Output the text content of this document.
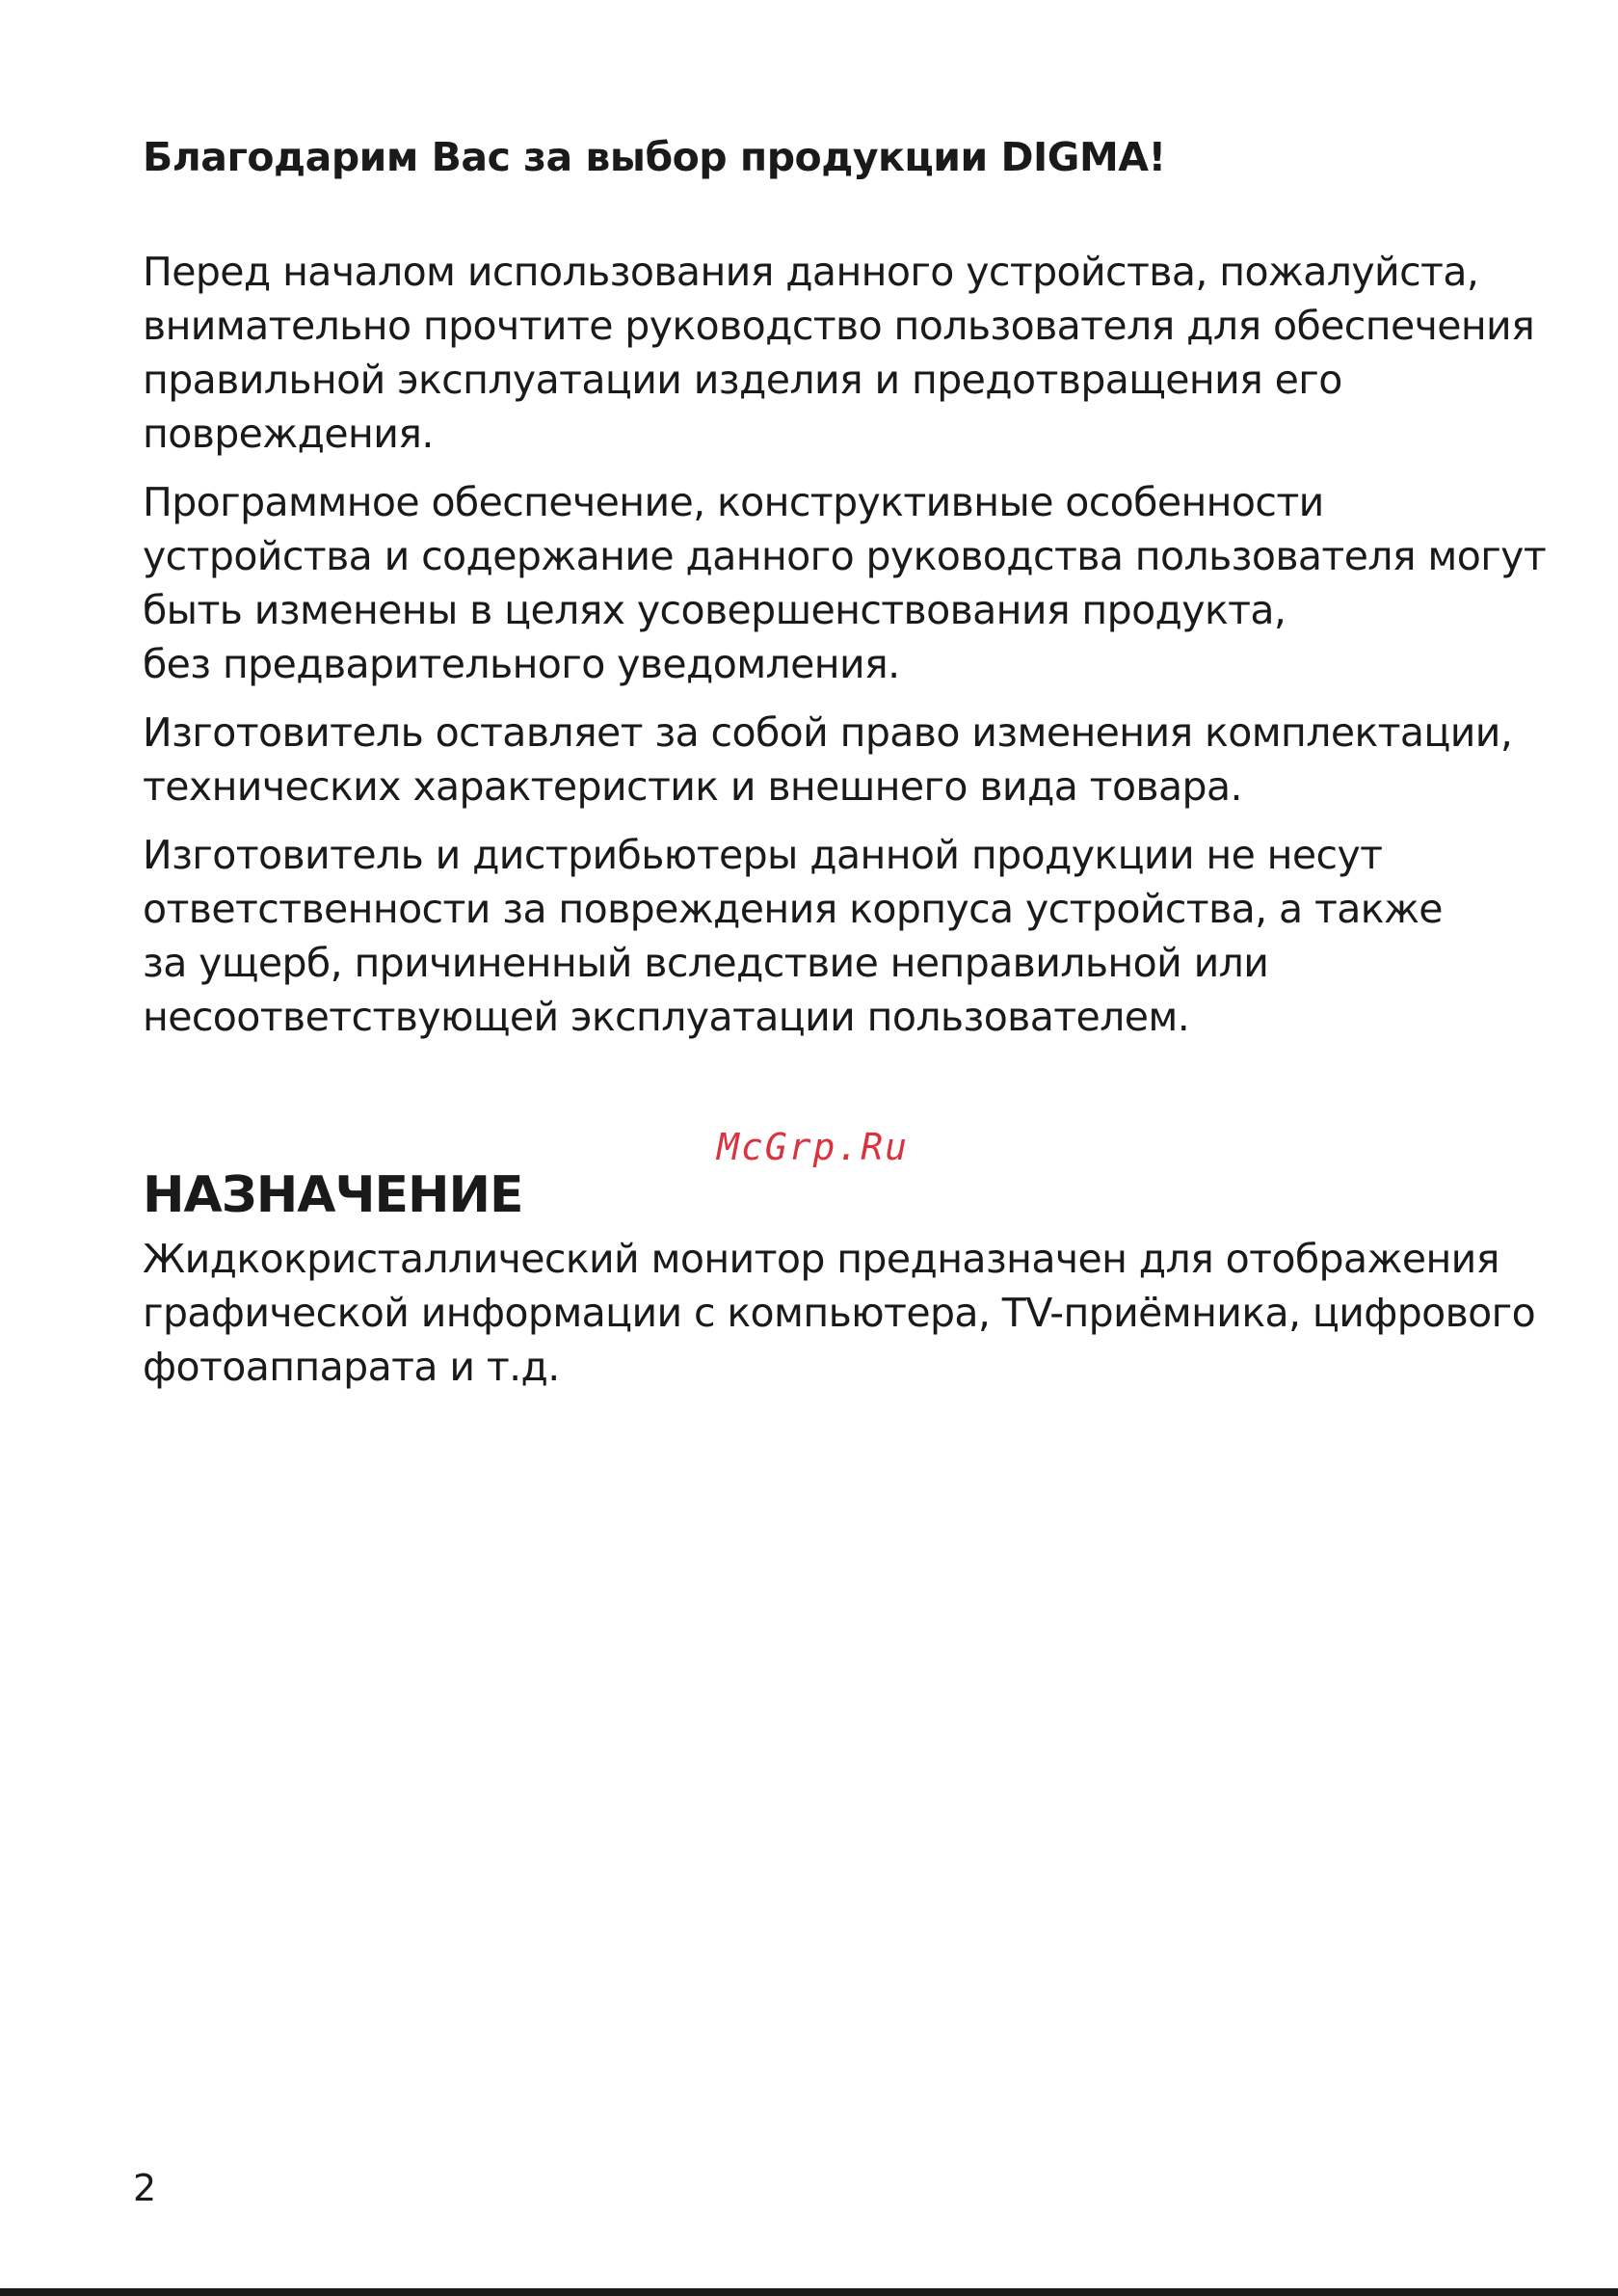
Благодарим Вас за выбор продукции DIGMA!

Перед началом использования данного устройства, пожалуйста,
внимательно прочтите руководство пользователя для обеспечения
правильной эксплуатации изделия и предотвращения его
повреждения.

Программное обеспечение, конструктивные особенности
устройства и содержание данного руководства пользователя могут
быть изменены в целях усовершенствования продукта,
без предварительного уведомления.

Изготовитель оставляет за собой право изменения комплектации,
технических характеристик и внешнего вида товара.

Изготовитель и дистрибьютеры данной продукции не несут
ответственности за повреждения корпуса устройства, а также
за ущерб, причиненный вследствие неправильной или
несоответствующей эксплуатации пользователем.

McGrp.Ru
НАЗНАЧЕНИЕ

Жидкокристаллический монитор предназначен для отображения
графической информации с компьютера, TV-приёмника, цифрового
фотоаппарата и т.д.

2
